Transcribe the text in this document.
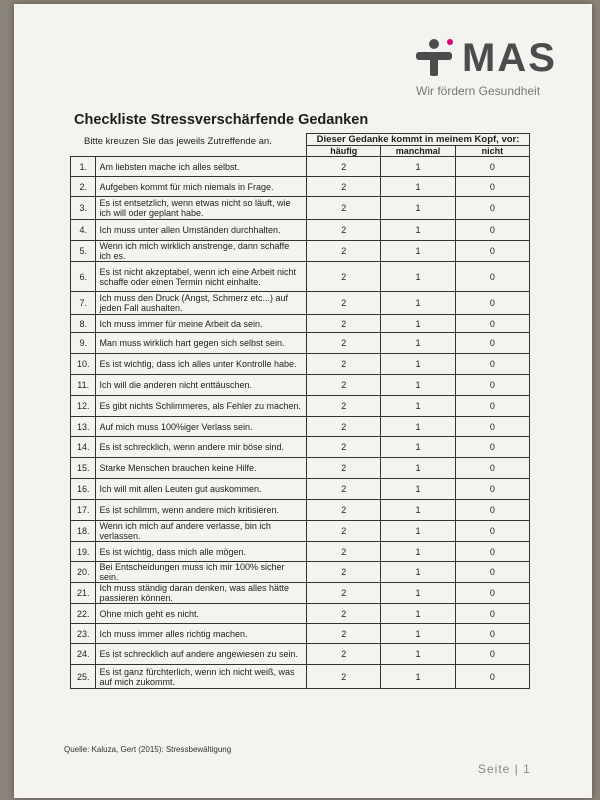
MAS
Wir fördern Gesundheit
Checkliste Stressverschärfende Gedanken
Bitte kreuzen Sie das jeweils Zutreffende an.
		Dieser Gedanke kommt in meinem Kopf, vor:		
		häufig	manchmal	nicht
1.	Am liebsten mache ich alles selbst.	2	1	0
2.	Aufgeben kommt für mich niemals in Frage.	2	1	0
3.	Es ist entsetzlich, wenn etwas nicht so läuft, wie ich will oder geplant habe.	2	1	0
4.	Ich muss unter allen Umständen durchhalten.	2	1	0
5.	Wenn ich mich wirklich anstrenge, dann schaffe ich es.	2	1	0
6.	Es ist nicht akzeptabel, wenn ich eine Arbeit nicht schaffe oder einen Termin nicht einhalte.	2	1	0
7.	Ich muss den Druck (Angst, Schmerz etc...) auf jeden Fall aushalten.	2	1	0
8.	Ich muss immer für meine Arbeit da sein.	2	1	0
9.	Man muss wirklich hart gegen sich selbst sein.	2	1	0
10.	Es ist wichtig, dass ich alles unter Kontrolle habe.	2	1	0
11.	Ich will die anderen nicht enttäuschen.	2	1	0
12.	Es gibt nichts Schlimmeres, als Fehler zu machen.	2	1	0
13.	Auf mich muss 100%iger Verlass sein.	2	1	0
14.	Es ist schrecklich, wenn andere mir böse sind.	2	1	0
15.	Starke Menschen brauchen keine Hilfe.	2	1	0
16.	Ich will mit allen Leuten gut auskommen.	2	1	0
17.	Es ist schlimm, wenn andere mich kritisieren.	2	1	0
18.	Wenn ich mich auf andere verlasse, bin ich verlassen.	2	1	0
19.	Es ist wichtig, dass mich alle mögen.	2	1	0
20.	Bei Entscheidungen muss ich mir 100% sicher sein.	2	1	0
21.	Ich muss ständig daran denken, was alles hätte passieren können.	2	1	0
22.	Ohne mich geht es nicht.	2	1	0
23.	Ich muss immer alles richtig machen.	2	1	0
24.	Es ist schrecklich auf andere angewiesen zu sein.	2	1	0
25.	Es ist ganz fürchterlich, wenn ich nicht weiß, was auf mich zukommt.	2	1	0
Quelle: Kaluza, Gert (2015): Stressbewältigung
Seite | 1
